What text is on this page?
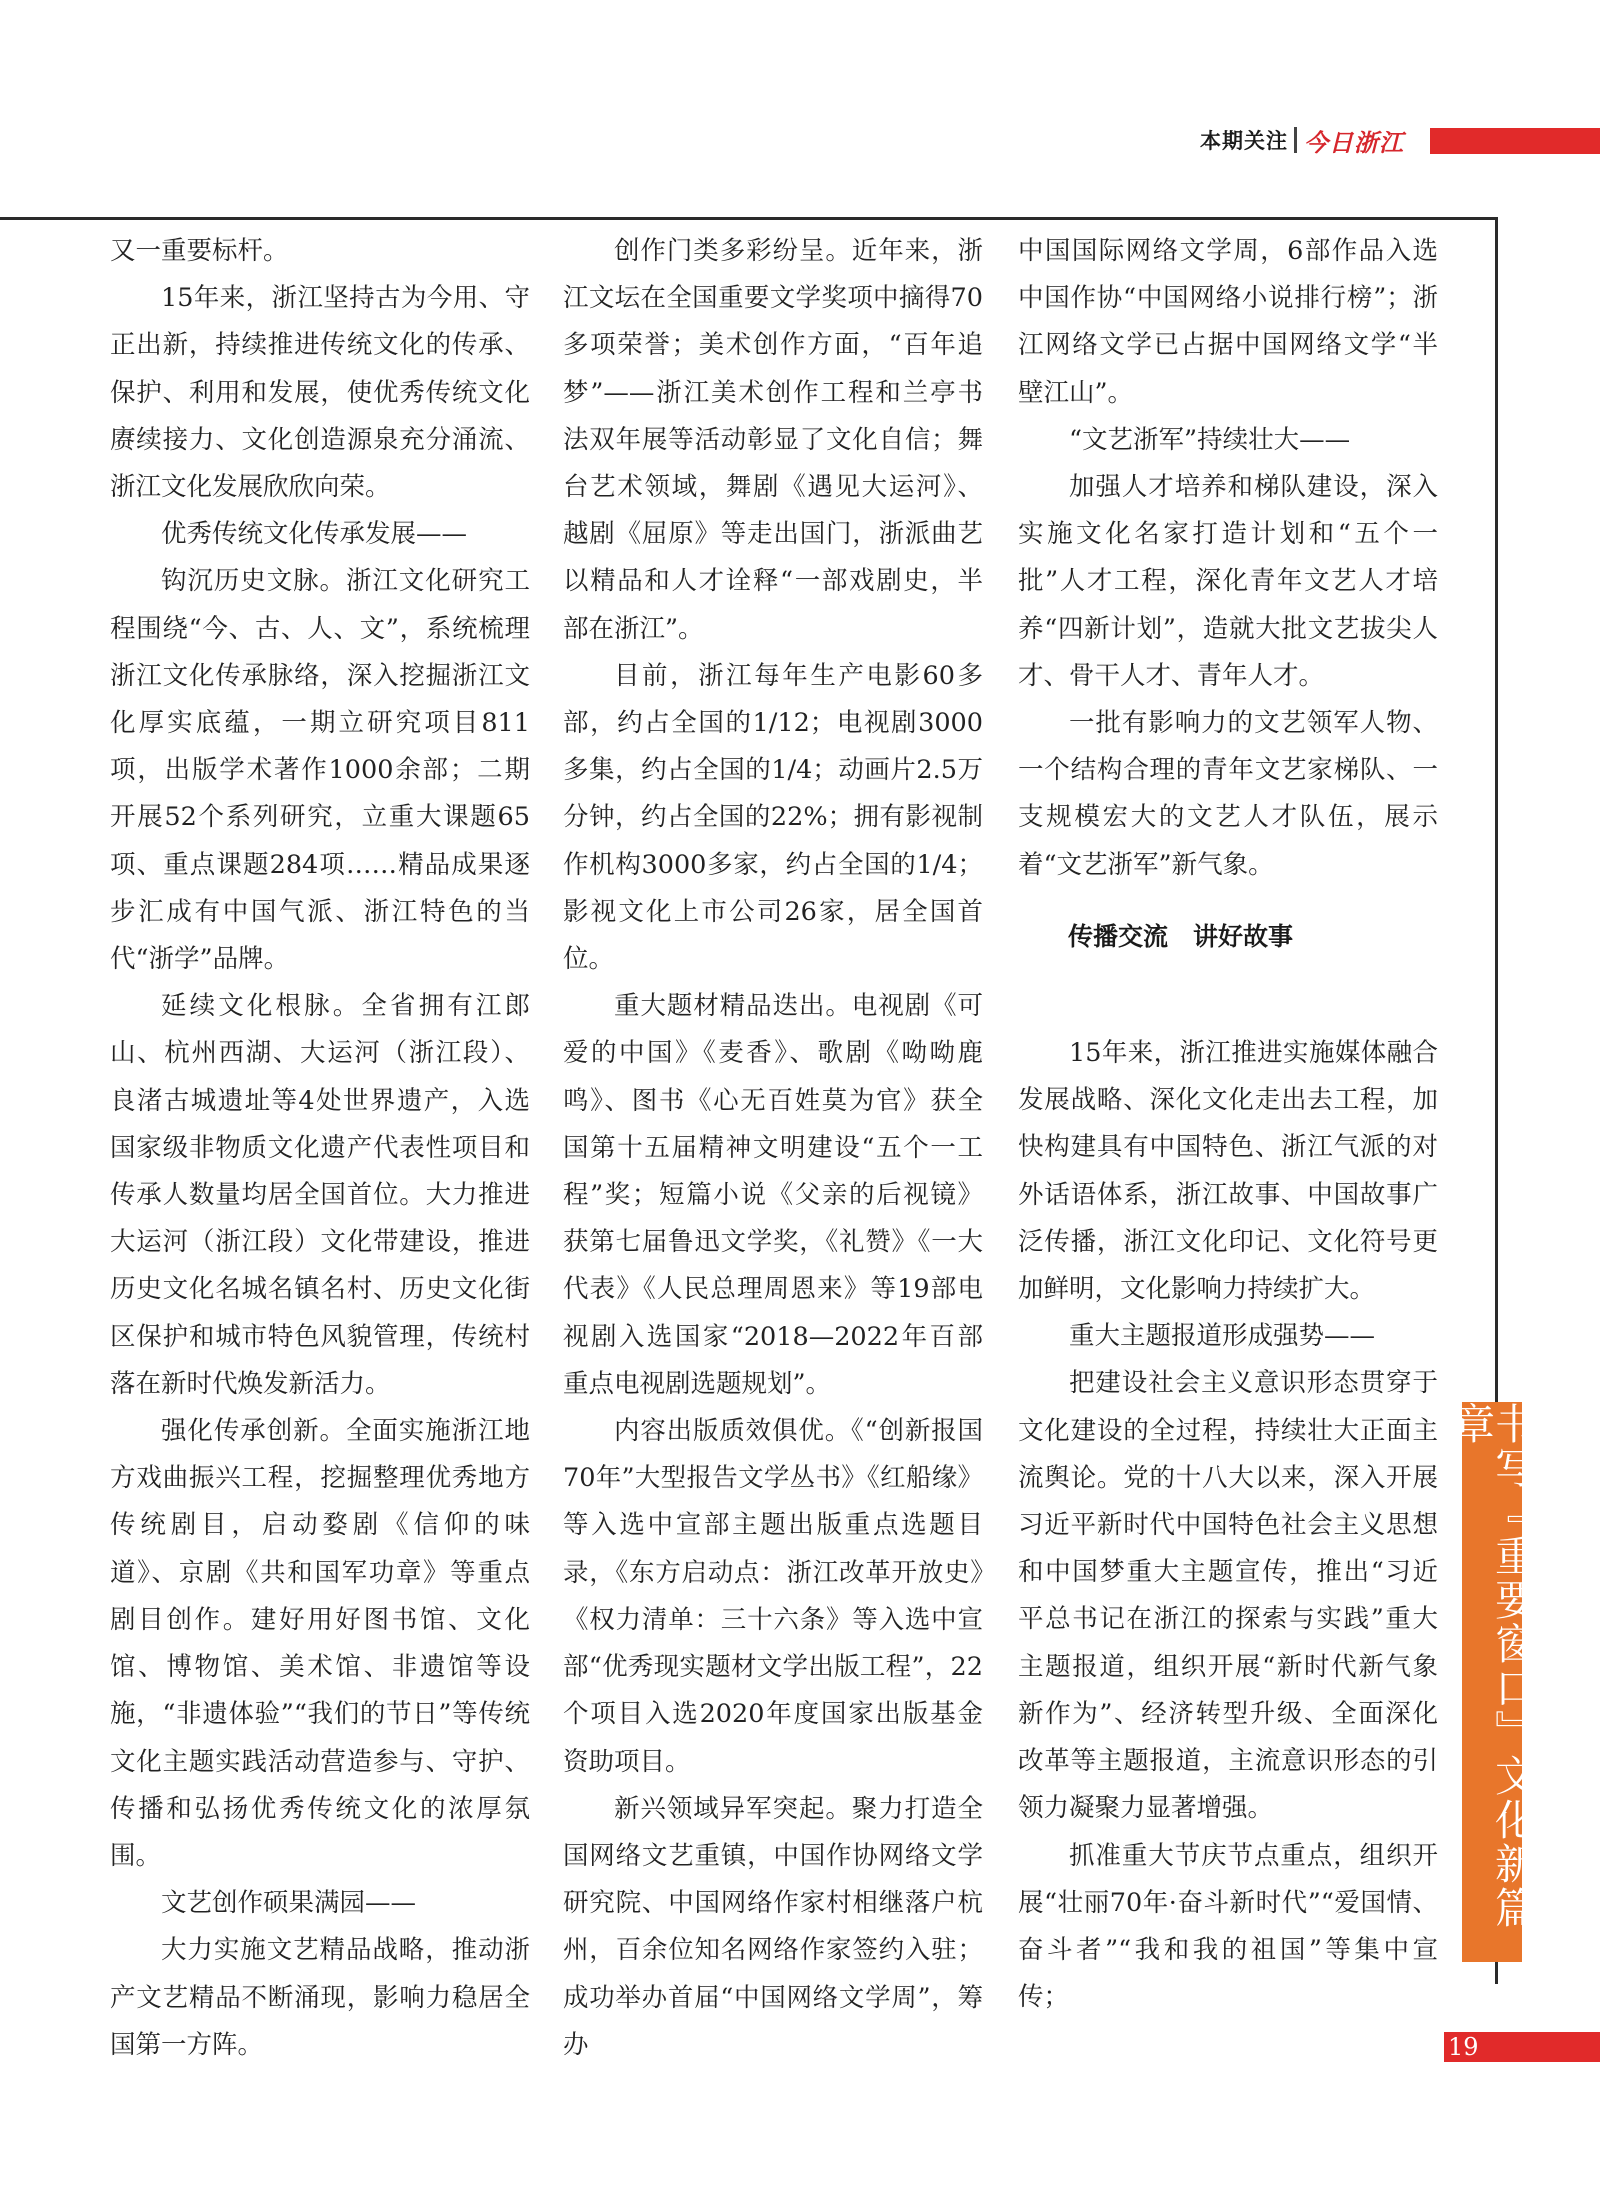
本期关注 今日浙江

又一重要标杆。

15年来，浙江坚持古为今用、守正出新，持续推进传统文化的传承、保护、利用和发展，使优秀传统文化赓续接力、文化创造源泉充分涌流、浙江文化发展欣欣向荣。

优秀传统文化传承发展——

钩沉历史文脉。浙江文化研究工程围绕“今、古、人、文”，系统梳理浙江文化传承脉络，深入挖掘浙江文化厚实底蕴，一期立研究项目811项，出版学术著作1000余部；二期开展52个系列研究，立重大课题65项、重点课题284项……精品成果逐步汇成有中国气派、浙江特色的当代“浙学”品牌。

延续文化根脉。全省拥有江郎山、杭州西湖、大运河（浙江段）、良渚古城遗址等4处世界遗产，入选国家级非物质文化遗产代表性项目和传承人数量均居全国首位。大力推进大运河（浙江段）文化带建设，推进历史文化名城名镇名村、历史文化街区保护和城市特色风貌管理，传统村落在新时代焕发新活力。

强化传承创新。全面实施浙江地方戏曲振兴工程，挖掘整理优秀地方传统剧目，启动婺剧《信仰的味道》、京剧《共和国军功章》等重点剧目创作。建好用好图书馆、文化馆、博物馆、美术馆、非遗馆等设施，“非遗体验”“我们的节日”等传统文化主题实践活动营造参与、守护、传播和弘扬优秀传统文化的浓厚氛围。

文艺创作硕果满园——

大力实施文艺精品战略，推动浙产文艺精品不断涌现，影响力稳居全国第一方阵。

创作门类多彩纷呈。近年来，浙江文坛在全国重要文学奖项中摘得70多项荣誉；美术创作方面，“百年追梦”——浙江美术创作工程和兰亭书法双年展等活动彰显了文化自信；舞台艺术领域，舞剧《遇见大运河》、越剧《屈原》等走出国门，浙派曲艺以精品和人才诠释“一部戏剧史，半部在浙江”。

目前，浙江每年生产电影60多部，约占全国的1/12；电视剧3000多集，约占全国的1/4；动画片2.5万分钟，约占全国的22%；拥有影视制作机构3000多家，约占全国的1/4；影视文化上市公司26家，居全国首位。

重大题材精品迭出。电视剧《可爱的中国》《麦香》、歌剧《呦呦鹿鸣》、图书《心无百姓莫为官》获全国第十五届精神文明建设“五个一工程”奖；短篇小说《父亲的后视镜》获第七届鲁迅文学奖，《礼赞》《一大代表》《人民总理周恩来》等19部电视剧入选国家“2018—2022年百部重点电视剧选题规划”。

内容出版质效俱优。《“创新报国70年”大型报告文学丛书》《红船缘》等入选中宣部主题出版重点选题目录，《东方启动点：浙江改革开放史》《权力清单：三十六条》等入选中宣部“优秀现实题材文学出版工程”，22个项目入选2020年度国家出版基金资助项目。

新兴领域异军突起。聚力打造全国网络文艺重镇，中国作协网络文学研究院、中国网络作家村相继落户杭州，百余位知名网络作家签约入驻；成功举办首届“中国网络文学周”，筹办

中国国际网络文学周，6部作品入选中国作协“中国网络小说排行榜”；浙江网络文学已占据中国网络文学“半壁江山”。

“文艺浙军”持续壮大——

加强人才培养和梯队建设，深入实施文化名家打造计划和“五个一批”人才工程，深化青年文艺人才培养“四新计划”，造就大批文艺拔尖人才、骨干人才、青年人才。

一批有影响力的文艺领军人物、一个结构合理的青年文艺家梯队、一支规模宏大的文艺人才队伍，展示着“文艺浙军”新气象。

传播交流　讲好故事

15年来，浙江推进实施媒体融合发展战略、深化文化走出去工程，加快构建具有中国特色、浙江气派的对外话语体系，浙江故事、中国故事广泛传播，浙江文化印记、文化符号更加鲜明，文化影响力持续扩大。

重大主题报道形成强势——

把建设社会主义意识形态贯穿于文化建设的全过程，持续壮大正面主流舆论。党的十八大以来，深入开展习近平新时代中国特色社会主义思想和中国梦重大主题宣传，推出“习近平总书记在浙江的探索与实践”重大主题报道，组织开展“新时代新气象新作为”、经济转型升级、全面深化改革等主题报道，主流意识形态的引领力凝聚力显著增强。

抓准重大节庆节点重点，组织开展“壮丽70年·奋斗新时代”“爱国情、奋斗者”“我和我的祖国”等集中宣传；

书写『重要窗口』文化新篇章
19
